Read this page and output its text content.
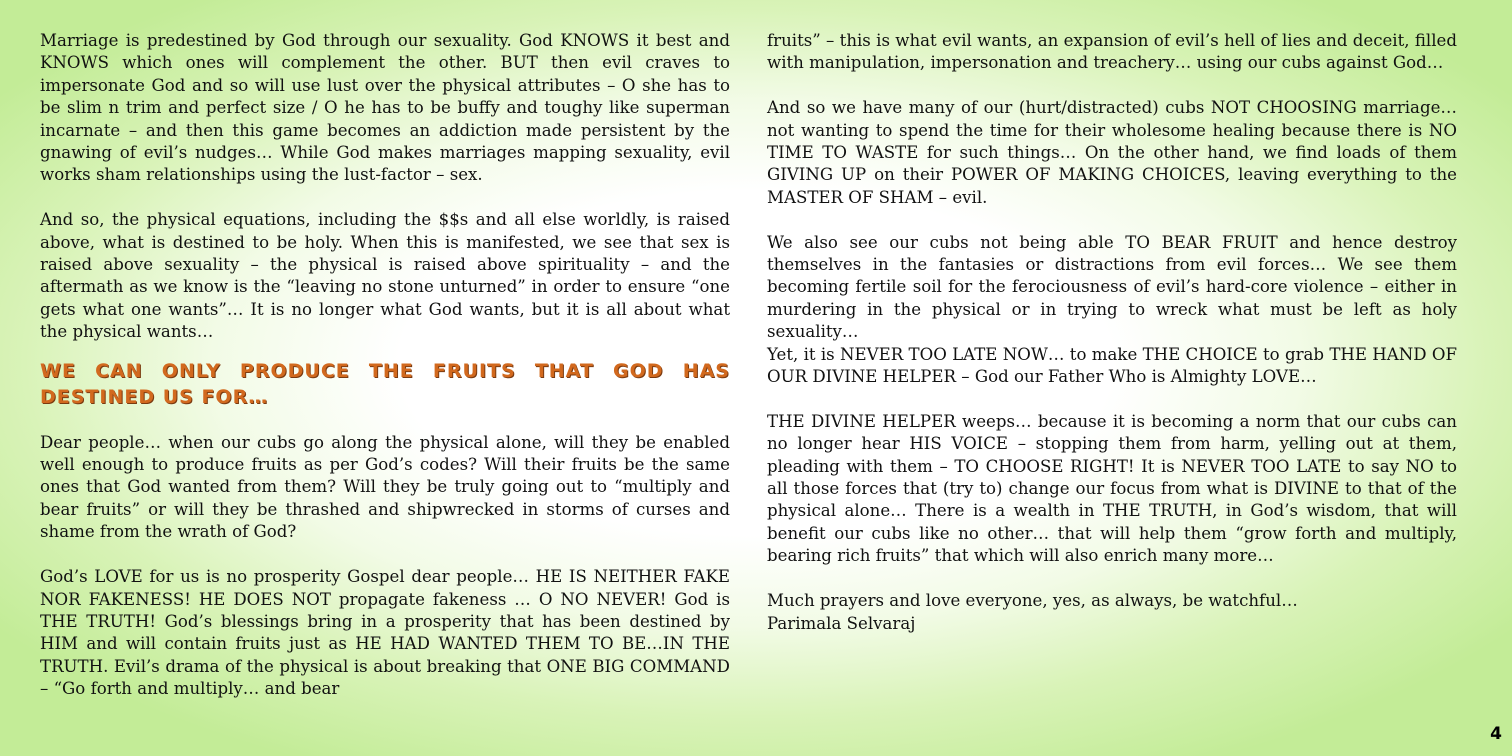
Marriage is predestined by God through our sexuality. God KNOWS it best and KNOWS which ones will complement the other. BUT then evil craves to impersonate God and so will use lust over the physical attributes – O she has to be slim n trim and perfect size / O he has to be buffy and toughy like superman incarnate – and then this game becomes an addiction made persistent by the gnawing of evil’s nudges… While God makes marriages mapping sexuality, evil works sham relationships using the lust-factor – sex.

And so, the physical equations, including the $$s and all else worldly, is raised above, what is destined to be holy. When this is manifested, we see that sex is raised above sexuality – the physical is raised above spirituality – and the aftermath as we know is the “leaving no stone unturned” in order to ensure “one gets what one wants”… It is no longer what God wants, but it is all about what the physical wants…

WE CAN ONLY PRODUCE THE FRUITS THAT GOD HAS DESTINED US FOR…

Dear people… when our cubs go along the physical alone, will they be enabled well enough to produce fruits as per God’s codes? Will their fruits be the same ones that God wanted from them? Will they be truly going out to “multiply and bear fruits” or will they be thrashed and shipwrecked in storms of curses and shame from the wrath of God?

God’s LOVE for us is no prosperity Gospel dear people… HE IS NEITHER FAKE NOR FAKENESS! HE DOES NOT propagate fakeness … O NO NEVER! God is THE TRUTH! God’s blessings bring in a prosperity that has been destined by HIM and will contain fruits just as HE HAD WANTED THEM TO BE…IN THE TRUTH. Evil’s drama of the physical is about breaking that ONE BIG COMMAND – “Go forth and multiply… and bear

fruits” – this is what evil wants, an expansion of evil’s hell of lies and deceit, filled with manipulation, impersonation and treachery… using our cubs against God…

And so we have many of our (hurt/distracted) cubs NOT CHOOSING marriage… not wanting to spend the time for their wholesome healing because there is NO TIME TO WASTE for such things… On the other hand, we find loads of them GIVING UP on their POWER OF MAKING CHOICES, leaving everything to the MASTER OF SHAM – evil.

We also see our cubs not being able TO BEAR FRUIT and hence destroy themselves in the fantasies or distractions from evil forces… We see them becoming fertile soil for the ferociousness of evil’s hard-core violence – either in murdering in the physical or in trying to wreck what must be left as holy sexuality…

Yet, it is NEVER TOO LATE NOW… to make THE CHOICE to grab THE HAND OF OUR DIVINE HELPER – God our Father Who is Almighty LOVE…

THE DIVINE HELPER weeps… because it is becoming a norm that our cubs can no longer hear HIS VOICE – stopping them from harm, yelling out at them, pleading with them – TO CHOOSE RIGHT! It is NEVER TOO LATE to say NO to all those forces that (try to) change our focus from what is DIVINE to that of the physical alone… There is a wealth in THE TRUTH, in God’s wisdom, that will benefit our cubs like no other… that will help them “grow forth and multiply, bearing rich fruits” that which will also enrich many more…

Much prayers and love everyone, yes, as always, be watchful…

Parimala Selvaraj

4
